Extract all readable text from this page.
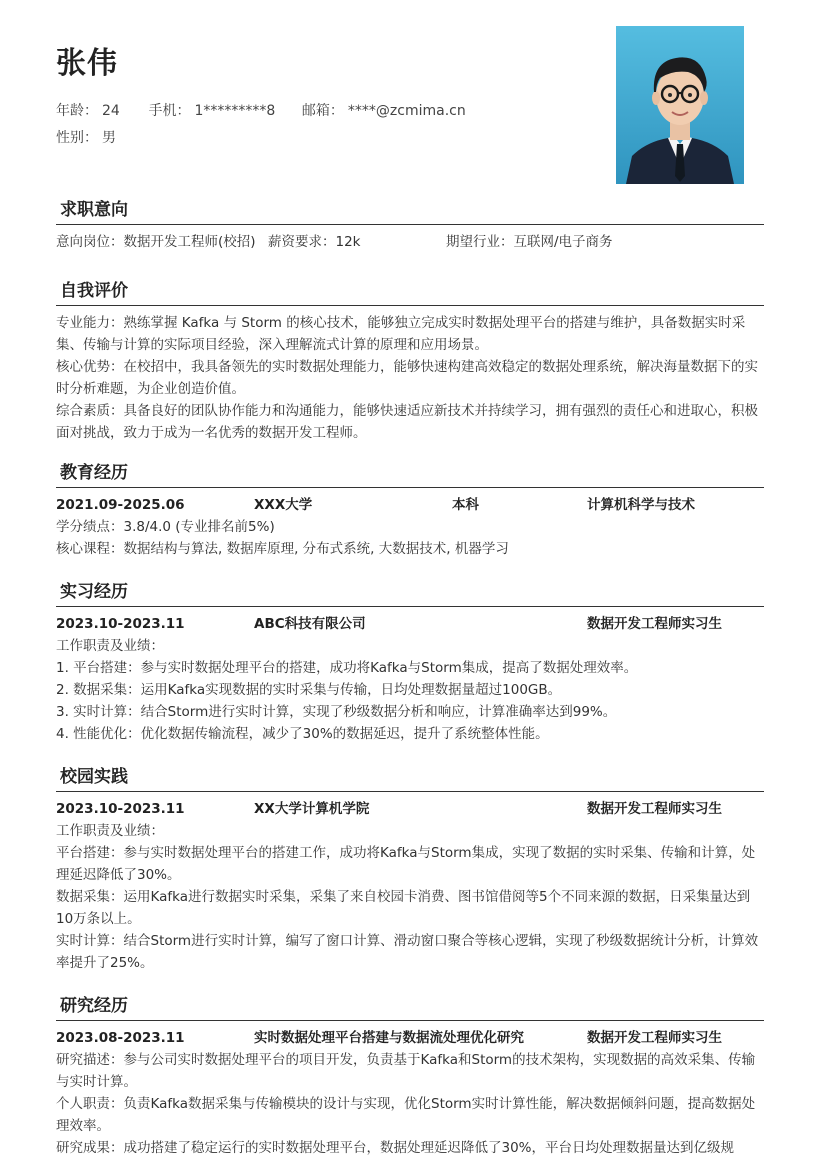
张伟
年龄： 24 手机： 1*********8 邮箱： ****@zcmima.cn
性别： 男
求职意向
意向岗位：数据开发工程师(校招) 薪资要求：12k	期望行业：互联网/电子商务
自我评价
专业能力：熟练掌握 Kafka 与 Storm 的核心技术，能够独立完成实时数据处理平台的搭建与维护，具备数据实时采集、传输与计算的实际项目经验，深入理解流式计算的原理和应用场景。
核心优势：在校招中，我具备领先的实时数据处理能力，能够快速构建高效稳定的数据处理系统，解决海量数据下的实时分析难题，为企业创造价值。
综合素质：具备良好的团队协作能力和沟通能力，能够快速适应新技术并持续学习，拥有强烈的责任心和进取心，积极面对挑战，致力于成为一名优秀的数据开发工程师。
教育经历
2021.09-2025.06	XXX大学	本科	计算机科学与技术
学分绩点：3.8/4.0 (专业排名前5%)
核心课程：数据结构与算法, 数据库原理, 分布式系统, 大数据技术, 机器学习
实习经历
2023.10-2023.11	ABC科技有限公司	数据开发工程师实习生
工作职责及业绩：
1. 平台搭建：参与实时数据处理平台的搭建，成功将Kafka与Storm集成，提高了数据处理效率。
2. 数据采集：运用Kafka实现数据的实时采集与传输，日均处理数据量超过100GB。
3. 实时计算：结合Storm进行实时计算，实现了秒级数据分析和响应，计算准确率达到99%。
4. 性能优化：优化数据传输流程，减少了30%的数据延迟，提升了系统整体性能。
校园实践
2023.10-2023.11	XX大学计算机学院	数据开发工程师实习生
工作职责及业绩：
平台搭建：参与实时数据处理平台的搭建工作，成功将Kafka与Storm集成，实现了数据的实时采集、传输和计算，处理延迟降低了30%。
数据采集：运用Kafka进行数据实时采集，采集了来自校园卡消费、图书馆借阅等5个不同来源的数据，日采集量达到10万条以上。
实时计算：结合Storm进行实时计算，编写了窗口计算、滑动窗口聚合等核心逻辑，实现了秒级数据统计分析，计算效率提升了25%。
研究经历
2023.08-2023.11	实时数据处理平台搭建与数据流处理优化研究	数据开发工程师实习生
研究描述：参与公司实时数据处理平台的项目开发，负责基于Kafka和Storm的技术架构，实现数据的高效采集、传输与实时计算。
个人职责：负责Kafka数据采集与传输模块的设计与实现，优化Storm实时计算性能，解决数据倾斜问题，提高数据处理效率。
研究成果：成功搭建了稳定运行的实时数据处理平台，数据处理延迟降低了30%，平台日均处理数据量达到亿级规
